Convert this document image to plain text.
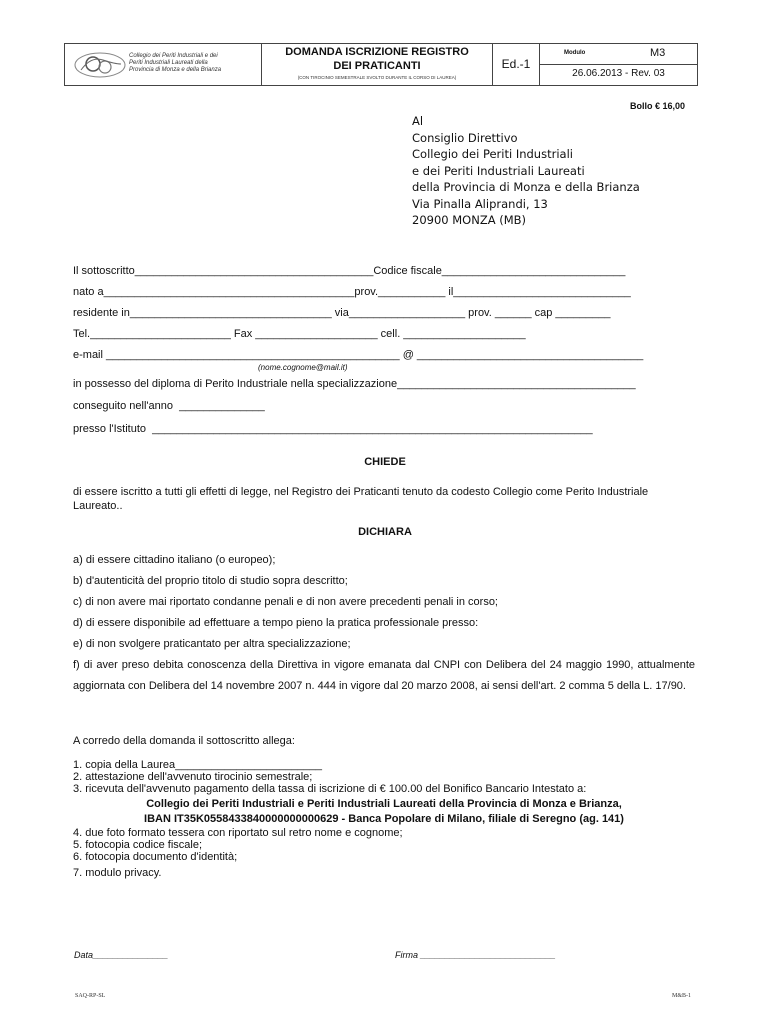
Collegio dei Periti Industriali e dei
Periti Industriali Laureati della
Provincia di Monza e della Brianza
DOMANDA ISCRIZIONE REGISTRO
DEI PRATICANTI
(CON TIROCINIO SEMESTRALE SVOLTO DURANTE IL CORSO DI LAUREA)
Ed.-1
Modulo	M3
26.06.2013 - Rev. 03
Bollo € 16,00
Al
Consiglio Direttivo
Collegio dei Periti Industriali
e dei Periti Industriali Laureati
della Provincia di Monza e della Brianza
Via Pinalla Aliprandi, 13
20900 MONZA (MB)
Il sottoscritto_______________________________________Codice fiscale______________________________
nato a_________________________________________prov.___________ il_____________________________
residente in_________________________________ via___________________ prov. ______ cap _________
Tel._______________________ Fax ____________________ cell. ____________________
e-mail ________________________________________________ @ _____________________________________
(nome.cognome@mail.it)
in possesso del diploma di Perito Industriale nella specializzazione_______________________________________
conseguito nell'anno  ______________
presso l'Istituto  ________________________________________________________________________
CHIEDE
di essere iscritto a tutti gli effetti di legge, nel Registro dei Praticanti tenuto da codesto Collegio come Perito Industriale Laureato..
DICHIARA
a) di essere cittadino italiano (o europeo);
b) d'autenticità del proprio titolo di studio sopra descritto;
c) di non avere mai riportato condanne penali e di non avere precedenti penali in corso;
d) di essere disponibile ad effettuare a tempo pieno la pratica professionale presso:
e) di non svolgere praticantato per altra specializzazione;
f) di aver preso debita conoscenza della Direttiva in vigore emanata dal CNPI con Delibera del 24 maggio 1990, attualmente aggiornata con Delibera del 14 novembre 2007 n. 444 in vigore dal 20 marzo 2008, ai sensi dell'art. 2 comma 5 della L. 17/90.
A corredo della domanda il sottoscritto allega:
1. copia della Laurea________________________
2. attestazione dell'avvenuto tirocinio semestrale;
3. ricevuta dell'avvenuto pagamento della tassa di iscrizione di € 100.00 del Bonifico Bancario Intestato a:
Collegio dei Periti Industriali e Periti Industriali Laureati della Provincia di Monza e Brianza,
IBAN IT35K0558433840000000000629 - Banca Popolare di Milano, filiale di Seregno (ag. 141)
4. due foto formato tessera con riportato sul retro nome e cognome;
5. fotocopia codice fiscale;
6. fotocopia documento d'identità;
7. modulo privacy.
Data_______________	Firma ___________________________
SAQ-RP-SL	M&B-1
